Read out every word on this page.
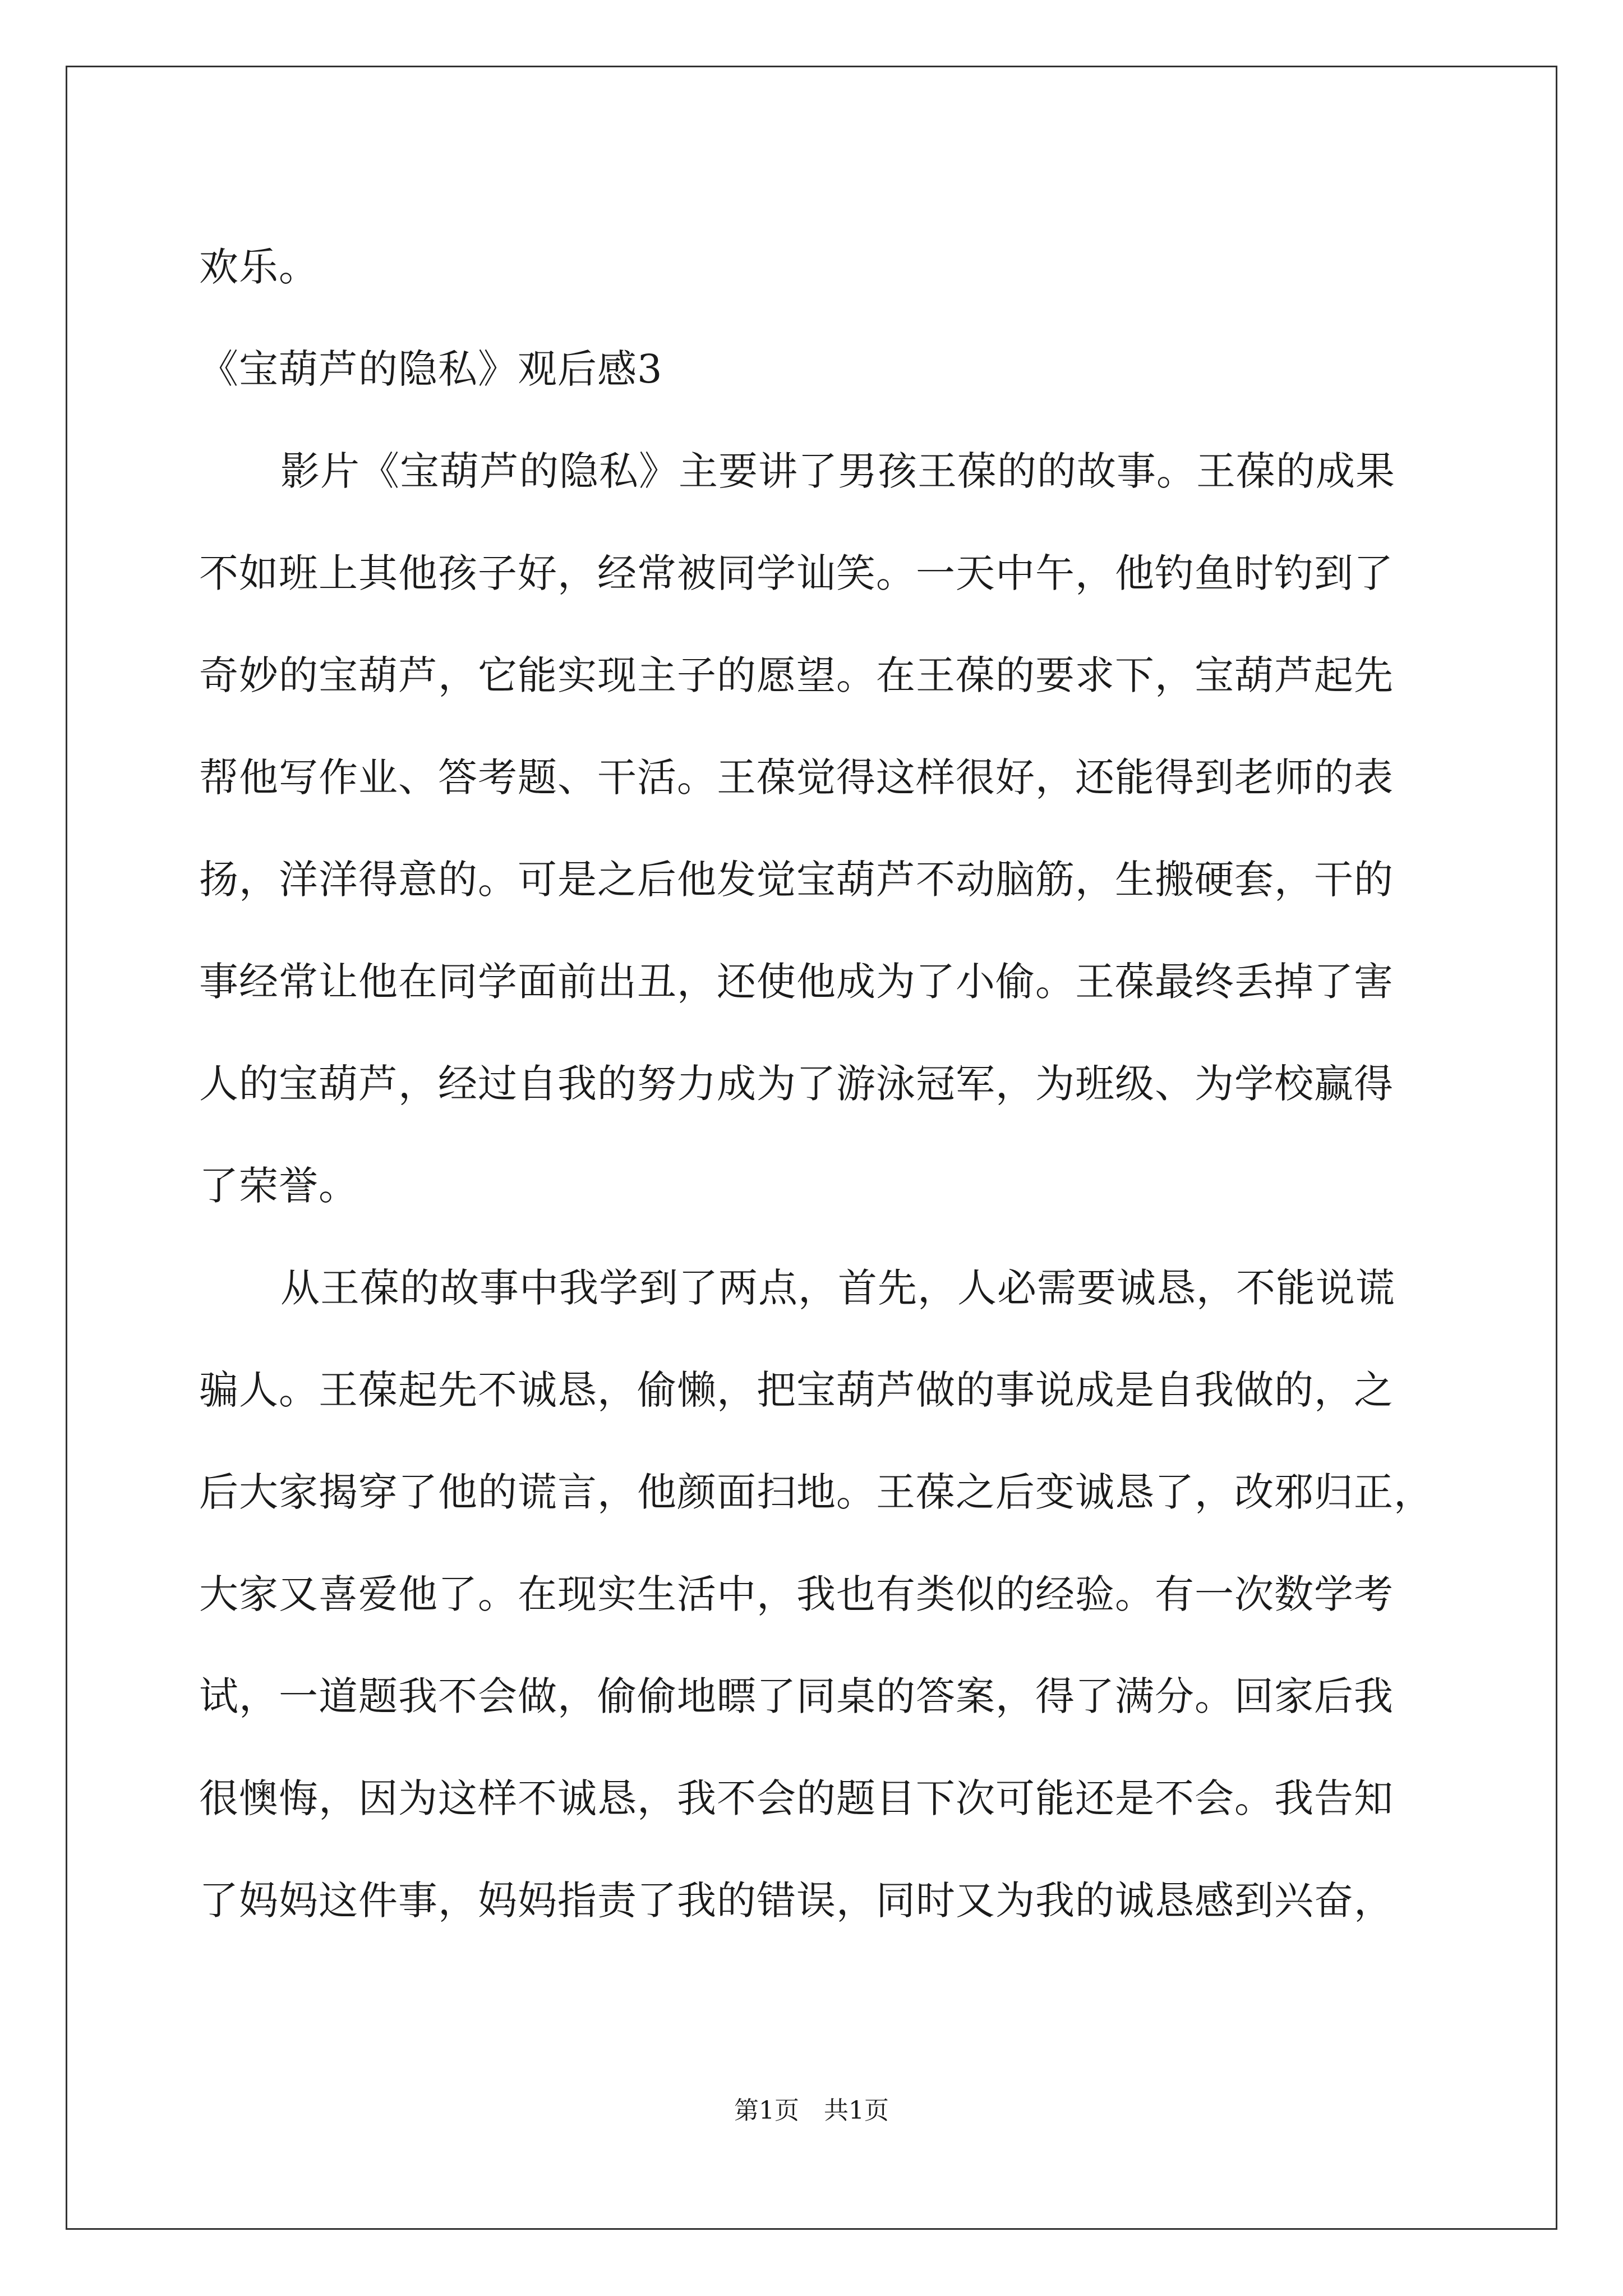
欢乐。
《宝葫芦的隐私》观后感3
影片《宝葫芦的隐私》主要讲了男孩王葆的的故事。王葆的成果
不如班上其他孩子好，经常被同学讪笑。一天中午，他钓鱼时钓到了
奇妙的宝葫芦，它能实现主子的愿望。在王葆的要求下，宝葫芦起先
帮他写作业、答考题、干活。王葆觉得这样很好，还能得到老师的表
扬，洋洋得意的。可是之后他发觉宝葫芦不动脑筋，生搬硬套，干的
事经常让他在同学面前出丑，还使他成为了小偷。王葆最终丢掉了害
人的宝葫芦，经过自我的努力成为了游泳冠军，为班级、为学校赢得
了荣誉。
从王葆的故事中我学到了两点，首先，人必需要诚恳，不能说谎
骗人。王葆起先不诚恳，偷懒，把宝葫芦做的事说成是自我做的，之
后大家揭穿了他的谎言，他颜面扫地。王葆之后变诚恳了，改邪归正，
大家又喜爱他了。在现实生活中，我也有类似的经验。有一次数学考
试，一道题我不会做，偷偷地瞟了同桌的答案，得了满分。回家后我
很懊悔，因为这样不诚恳，我不会的题目下次可能还是不会。我告知
了妈妈这件事，妈妈指责了我的错误，同时又为我的诚恳感到兴奋，
第1页　共1页
